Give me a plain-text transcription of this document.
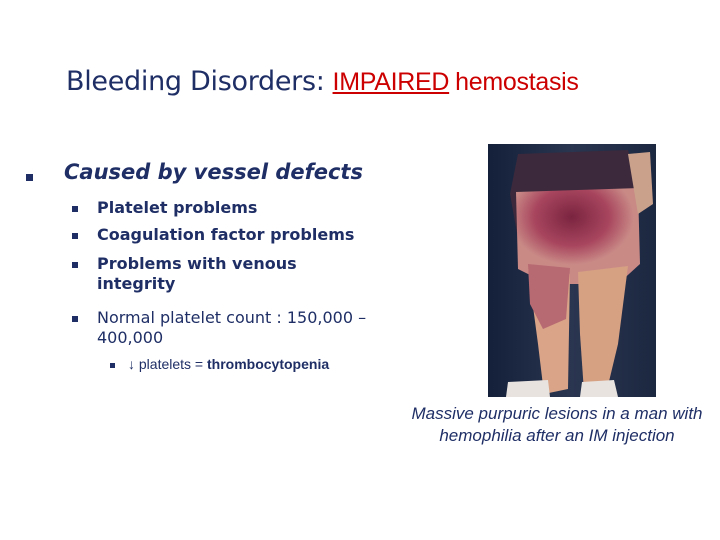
Bleeding Disorders: IMPAIRED hemostasis
Caused by vessel defects
Platelet problems
Coagulation factor problems
Problems with venous integrity
Normal platelet count : 150,000 – 400,000
↓ platelets = thrombocytopenia
Massive purpuric lesions in a man with hemophilia after an IM injection
